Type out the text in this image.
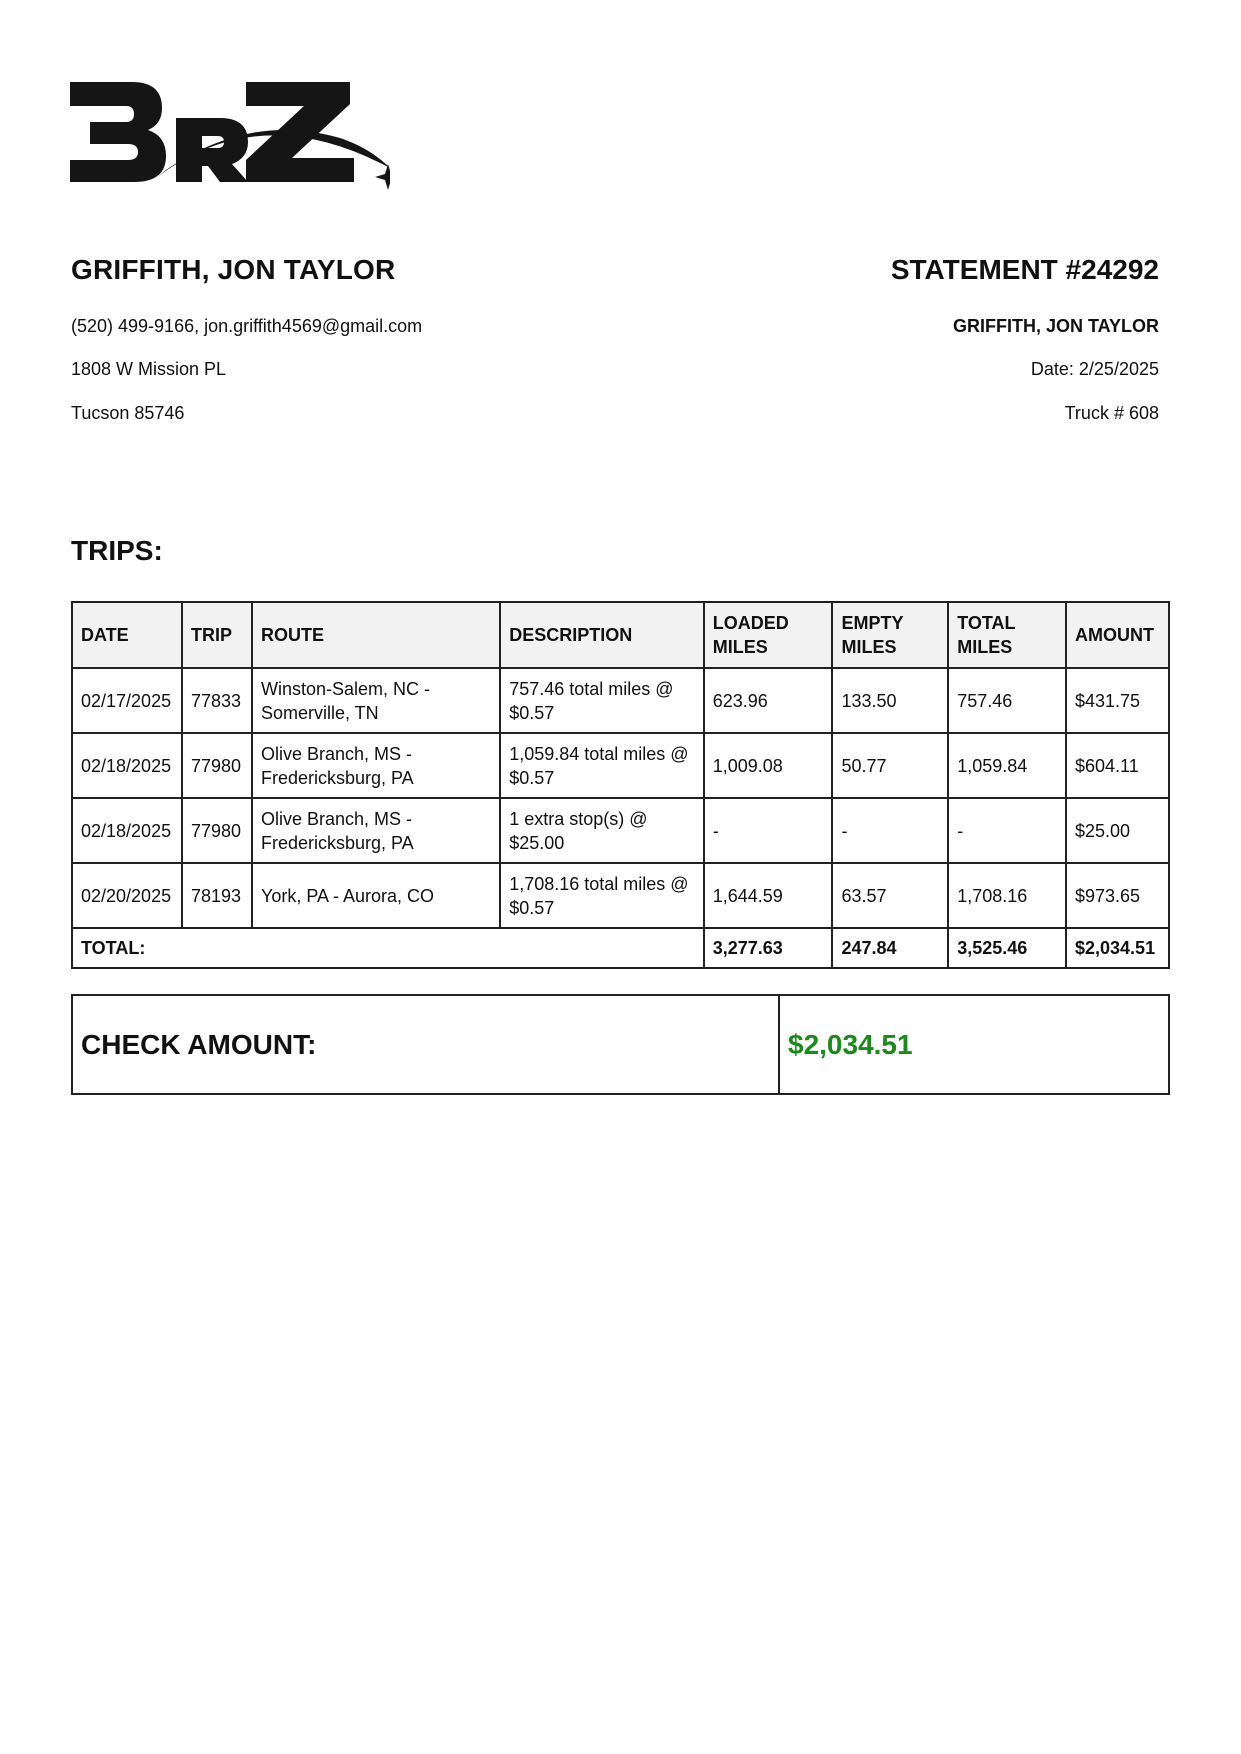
GRIFFITH, JON TAYLOR

(520) 499-9166, jon.griffith4569@gmail.com

1808 W Mission PL

Tucson 85746

STATEMENT #24292

GRIFFITH, JON TAYLOR

Date: 2/25/2025

Truck # 608

TRIPS:
DATE	TRIP	ROUTE	DESCRIPTION	LOADED MILES	EMPTY MILES	TOTAL MILES	AMOUNT
02/17/2025	77833	Winston-Salem, NC - Somerville, TN	757.46 total miles @ $0.57	623.96	133.50	757.46	$431.75
02/18/2025	77980	Olive Branch, MS - Fredericksburg, PA	1,059.84 total miles @ $0.57	1,009.08	50.77	1,059.84	$604.11
02/18/2025	77980	Olive Branch, MS - Fredericksburg, PA	1 extra stop(s) @ $25.00	-	-	-	$25.00
02/20/2025	78193	York, PA - Aurora, CO	1,708.16 total miles @ $0.57	1,644.59	63.57	1,708.16	$973.65
TOTAL:				3,277.63	247.84	3,525.46	$2,034.51
CHECK AMOUNT:	$2,034.51
